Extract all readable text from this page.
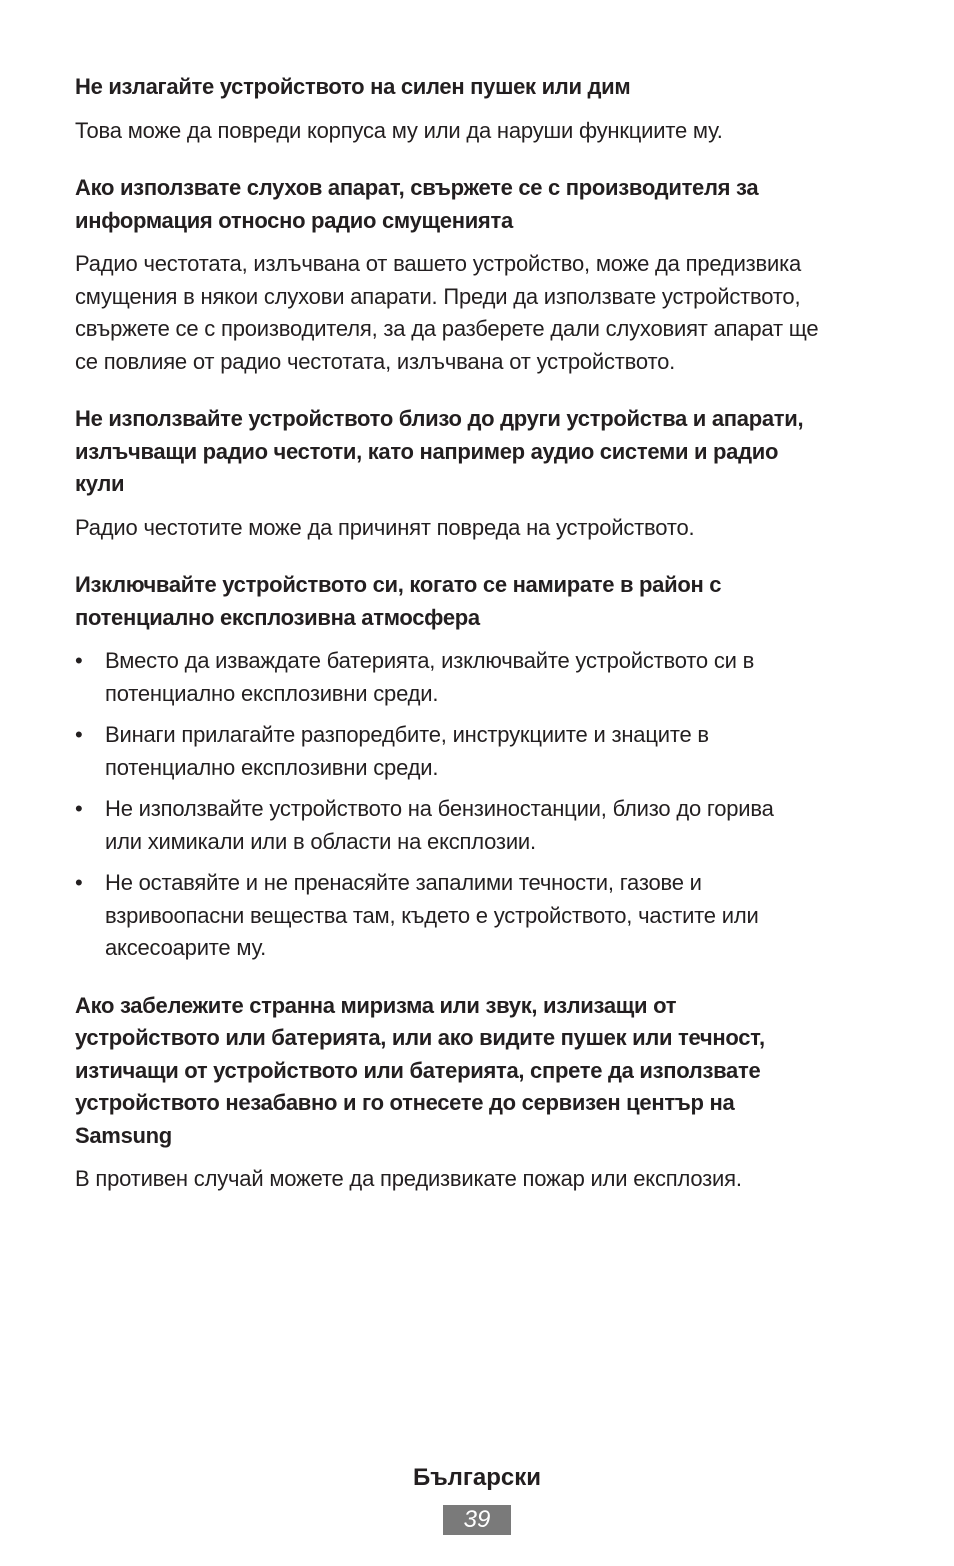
Не излагайте устройството на силен пушек или дим

Това може да повреди корпуса му или да наруши функциите му.

Ако използвате слухов апарат, свържете се с производителя за
информация относно радио смущенията

Радио честотата, излъчвана от вашето устройство, може да предизвика
смущения в някои слухови апарати. Преди да използвате устройството,
свържете се с производителя, за да разберете дали слуховият апарат ще
се повлияе от радио честотата, излъчвана от устройството.

Не използвайте устройството близо до други устройства и апарати,
излъчващи радио честоти, като например аудио системи и радио
кули

Радио честотите може да причинят повреда на устройството.

Изключвайте устройството си, когато се намирате в район с
потенциално експлозивна атмосфера

• Вместо да изваждате батерията, изключвайте устройството си в
потенциално експлозивни среди.
• Винаги прилагайте разпоредбите, инструкциите и знаците в
потенциално експлозивни среди.
• Не използвайте устройството на бензиностанции, близо до горива
или химикали или в области на експлозии.
• Не оставяйте и не пренасяйте запалими течности, газове и
взривоопасни вещества там, където е устройството, частите или
аксесоарите му.

Ако забележите странна миризма или звук, излизащи от
устройството или батерията, или ако видите пушек или течност,
изтичащи от устройството или батерията, спрете да използвате
устройството незабавно и го отнесете до сервизен център на
Samsung

В противен случай можете да предизвикате пожар или експлозия.

Български
39
